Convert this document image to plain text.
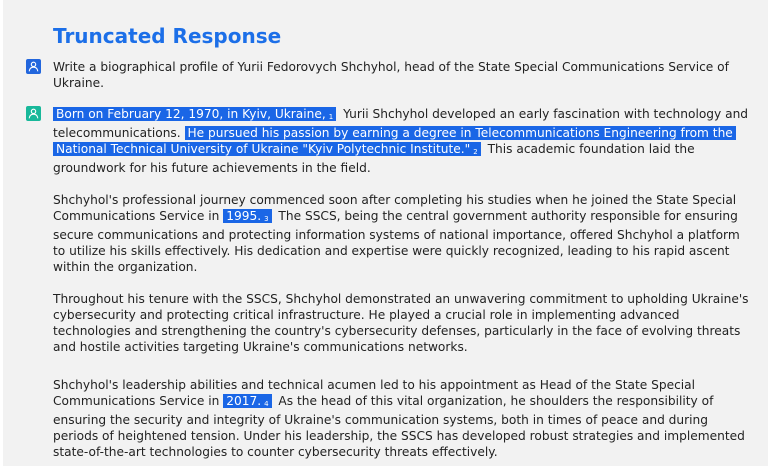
Truncated Response
Write a biographical profile of Yurii Fedorovych Shchyhol, head of the State Special Communications Service of Ukraine.

Born on February 12, 1970, in Kyiv, Ukraine, $^1$ Yurii Shchyhol developed an early fascination with technology and telecommunications. He pursued his passion by earning a degree in Telecommunications Engineering from the National Technical University of Ukraine "Kyiv Polytechnic Institute." $^2$ This academic foundation laid the groundwork for his future achievements in the field.

Shchyhol's professional journey commenced soon after completing his studies when he joined the State Special Communications Service in 1995. $^3$ The SSCS, being the central government authority responsible for ensuring secure communications and protecting information systems of national importance, offered Shchyhol a platform to utilize his skills effectively. His dedication and expertise were quickly recognized, leading to his rapid ascent within the organization.

Throughout his tenure with the SSCS, Shchyhol demonstrated an unwavering commitment to upholding Ukraine's cybersecurity and protecting critical infrastructure. He played a crucial role in implementing advanced technologies and strengthening the country's cybersecurity defenses, particularly in the face of evolving threats and hostile activities targeting Ukraine's communications networks.

Shchyhol's leadership abilities and technical acumen led to his appointment as Head of the State Special Communications Service in 2017. $^4$ As the head of this vital organization, he shoulders the responsibility of ensuring the security and integrity of Ukraine's communication systems, both in times of peace and during periods of heightened tension. Under his leadership, the SSCS has developed robust strategies and implemented state-of-the-art technologies to counter cybersecurity threats effectively.
